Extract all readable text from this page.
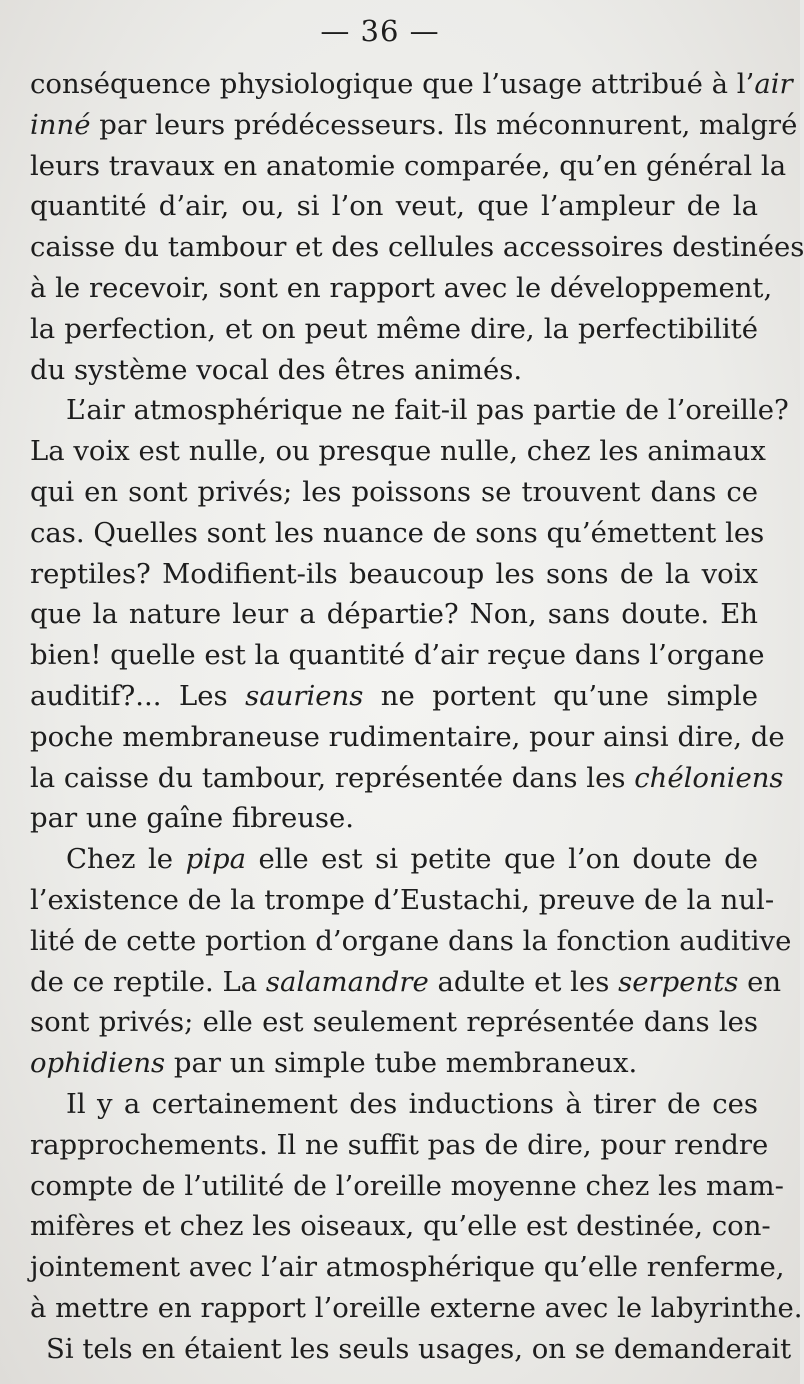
— 36 —
conséquence physiologique que l’usage attribué à l’air
inné par leurs prédécesseurs. Ils méconnurent, malgré
leurs travaux en anatomie comparée, qu’en général la
quantité d’air, ou, si l’on veut, que l’ampleur de la
caisse du tambour et des cellules accessoires destinées
à le recevoir, sont en rapport avec le développement,
la perfection, et on peut même dire, la perfectibilité
du système vocal des êtres animés.
L’air atmosphérique ne fait-il pas partie de l’oreille?
La voix est nulle, ou presque nulle, chez les animaux
qui en sont privés; les poissons se trouvent dans ce
cas. Quelles sont les nuance de sons qu’émettent les
reptiles? Modifient-ils beaucoup les sons de la voix
que la nature leur a départie? Non, sans doute. Eh
bien! quelle est la quantité d’air reçue dans l’organe
auditif?... Les sauriens ne portent qu’une simple
poche membraneuse rudimentaire, pour ainsi dire, de
la caisse du tambour, représentée dans les chéloniens
par une gaîne fibreuse.
Chez le pipa elle est si petite que l’on doute de
l’existence de la trompe d’Eustachi, preuve de la nul-
lité de cette portion d’organe dans la fonction auditive
de ce reptile. La salamandre adulte et les serpents en
sont privés; elle est seulement représentée dans les
ophidiens par un simple tube membraneux.
Il y a certainement des inductions à tirer de ces
rapprochements. Il ne suffit pas de dire, pour rendre
compte de l’utilité de l’oreille moyenne chez les mam-
mifères et chez les oiseaux, qu’elle est destinée, con-
jointement avec l’air atmosphérique qu’elle renferme,
à mettre en rapport l’oreille externe avec le labyrinthe.
Si tels en étaient les seuls usages, on se demanderait
